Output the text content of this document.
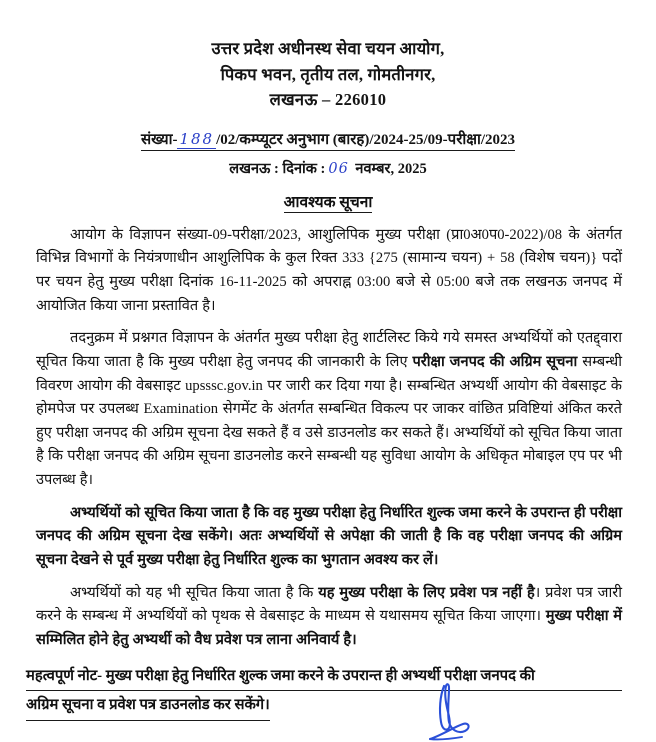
उत्तर प्रदेश अधीनस्थ सेवा चयन आयोग,
पिकप भवन, तृतीय तल, गोमतीनगर,
लखनऊ – 226010
संख्या- 188 /02/कम्प्यूटर अनुभाग (बारह)/2024-25/09-परीक्षा/2023
लखनऊ : दिनांक : 06 नवम्बर, 2025
आवश्यक सूचना

आयोग के विज्ञापन संख्या-09-परीक्षा/2023, आशुलिपिक मुख्य परीक्षा (प्रा0अ0प0-2022)/08 के अंतर्गत विभिन्न विभागों के नियंत्रणाधीन आशुलिपिक के कुल रिक्त 333 {275 (सामान्य चयन) + 58 (विशेष चयन)} पदों पर चयन हेतु मुख्य परीक्षा दिनांक 16-11-2025 को अपराह्न 03:00 बजे से 05:00 बजे तक लखनऊ जनपद में आयोजित किया जाना प्रस्तावित है।

तदनुक्रम में प्रश्नगत विज्ञापन के अंतर्गत मुख्य परीक्षा हेतु शार्टलिस्ट किये गये समस्त अभ्यर्थियों को एतद्द्वारा सूचित किया जाता है कि मुख्य परीक्षा हेतु जनपद की जानकारी के लिए परीक्षा जनपद की अग्रिम सूचना सम्बन्धी विवरण आयोग की वेबसाइट upsssc.gov.in पर जारी कर दिया गया है। सम्बन्धित अभ्यर्थी आयोग की वेबसाइट के होमपेज पर उपलब्ध Examination सेगमेंट के अंतर्गत सम्बन्धित विकल्प पर जाकर वांछित प्रविष्टियां अंकित करते हुए परीक्षा जनपद की अग्रिम सूचना देख सकते हैं व उसे डाउनलोड कर सकते हैं। अभ्यर्थियों को सूचित किया जाता है कि परीक्षा जनपद की अग्रिम सूचना डाउनलोड करने सम्बन्धी यह सुविधा आयोग के अधिकृत मोबाइल एप पर भी उपलब्ध है।

अभ्यर्थियों को सूचित किया जाता है कि वह मुख्य परीक्षा हेतु निर्धारित शुल्क जमा करने के उपरान्त ही परीक्षा जनपद की अग्रिम सूचना देख सकेंगे। अतः अभ्यर्थियों से अपेक्षा की जाती है कि वह परीक्षा जनपद की अग्रिम सूचना देखने से पूर्व मुख्य परीक्षा हेतु निर्धारित शुल्क का भुगतान अवश्य कर लें।

अभ्यर्थियों को यह भी सूचित किया जाता है कि यह मुख्य परीक्षा के लिए प्रवेश पत्र नहीं है। प्रवेश पत्र जारी करने के सम्बन्ध में अभ्यर्थियों को पृथक से वेबसाइट के माध्यम से यथासमय सूचित किया जाएगा। मुख्य परीक्षा में सम्मिलित होने हेतु अभ्यर्थी को वैध प्रवेश पत्र लाना अनिवार्य है।

महत्वपूर्ण नोट- मुख्य परीक्षा हेतु निर्धारित शुल्क जमा करने के उपरान्त ही अभ्यर्थी परीक्षा जनपद की
अग्रिम सूचना व प्रवेश पत्र डाउनलोड कर सकेंगे।
